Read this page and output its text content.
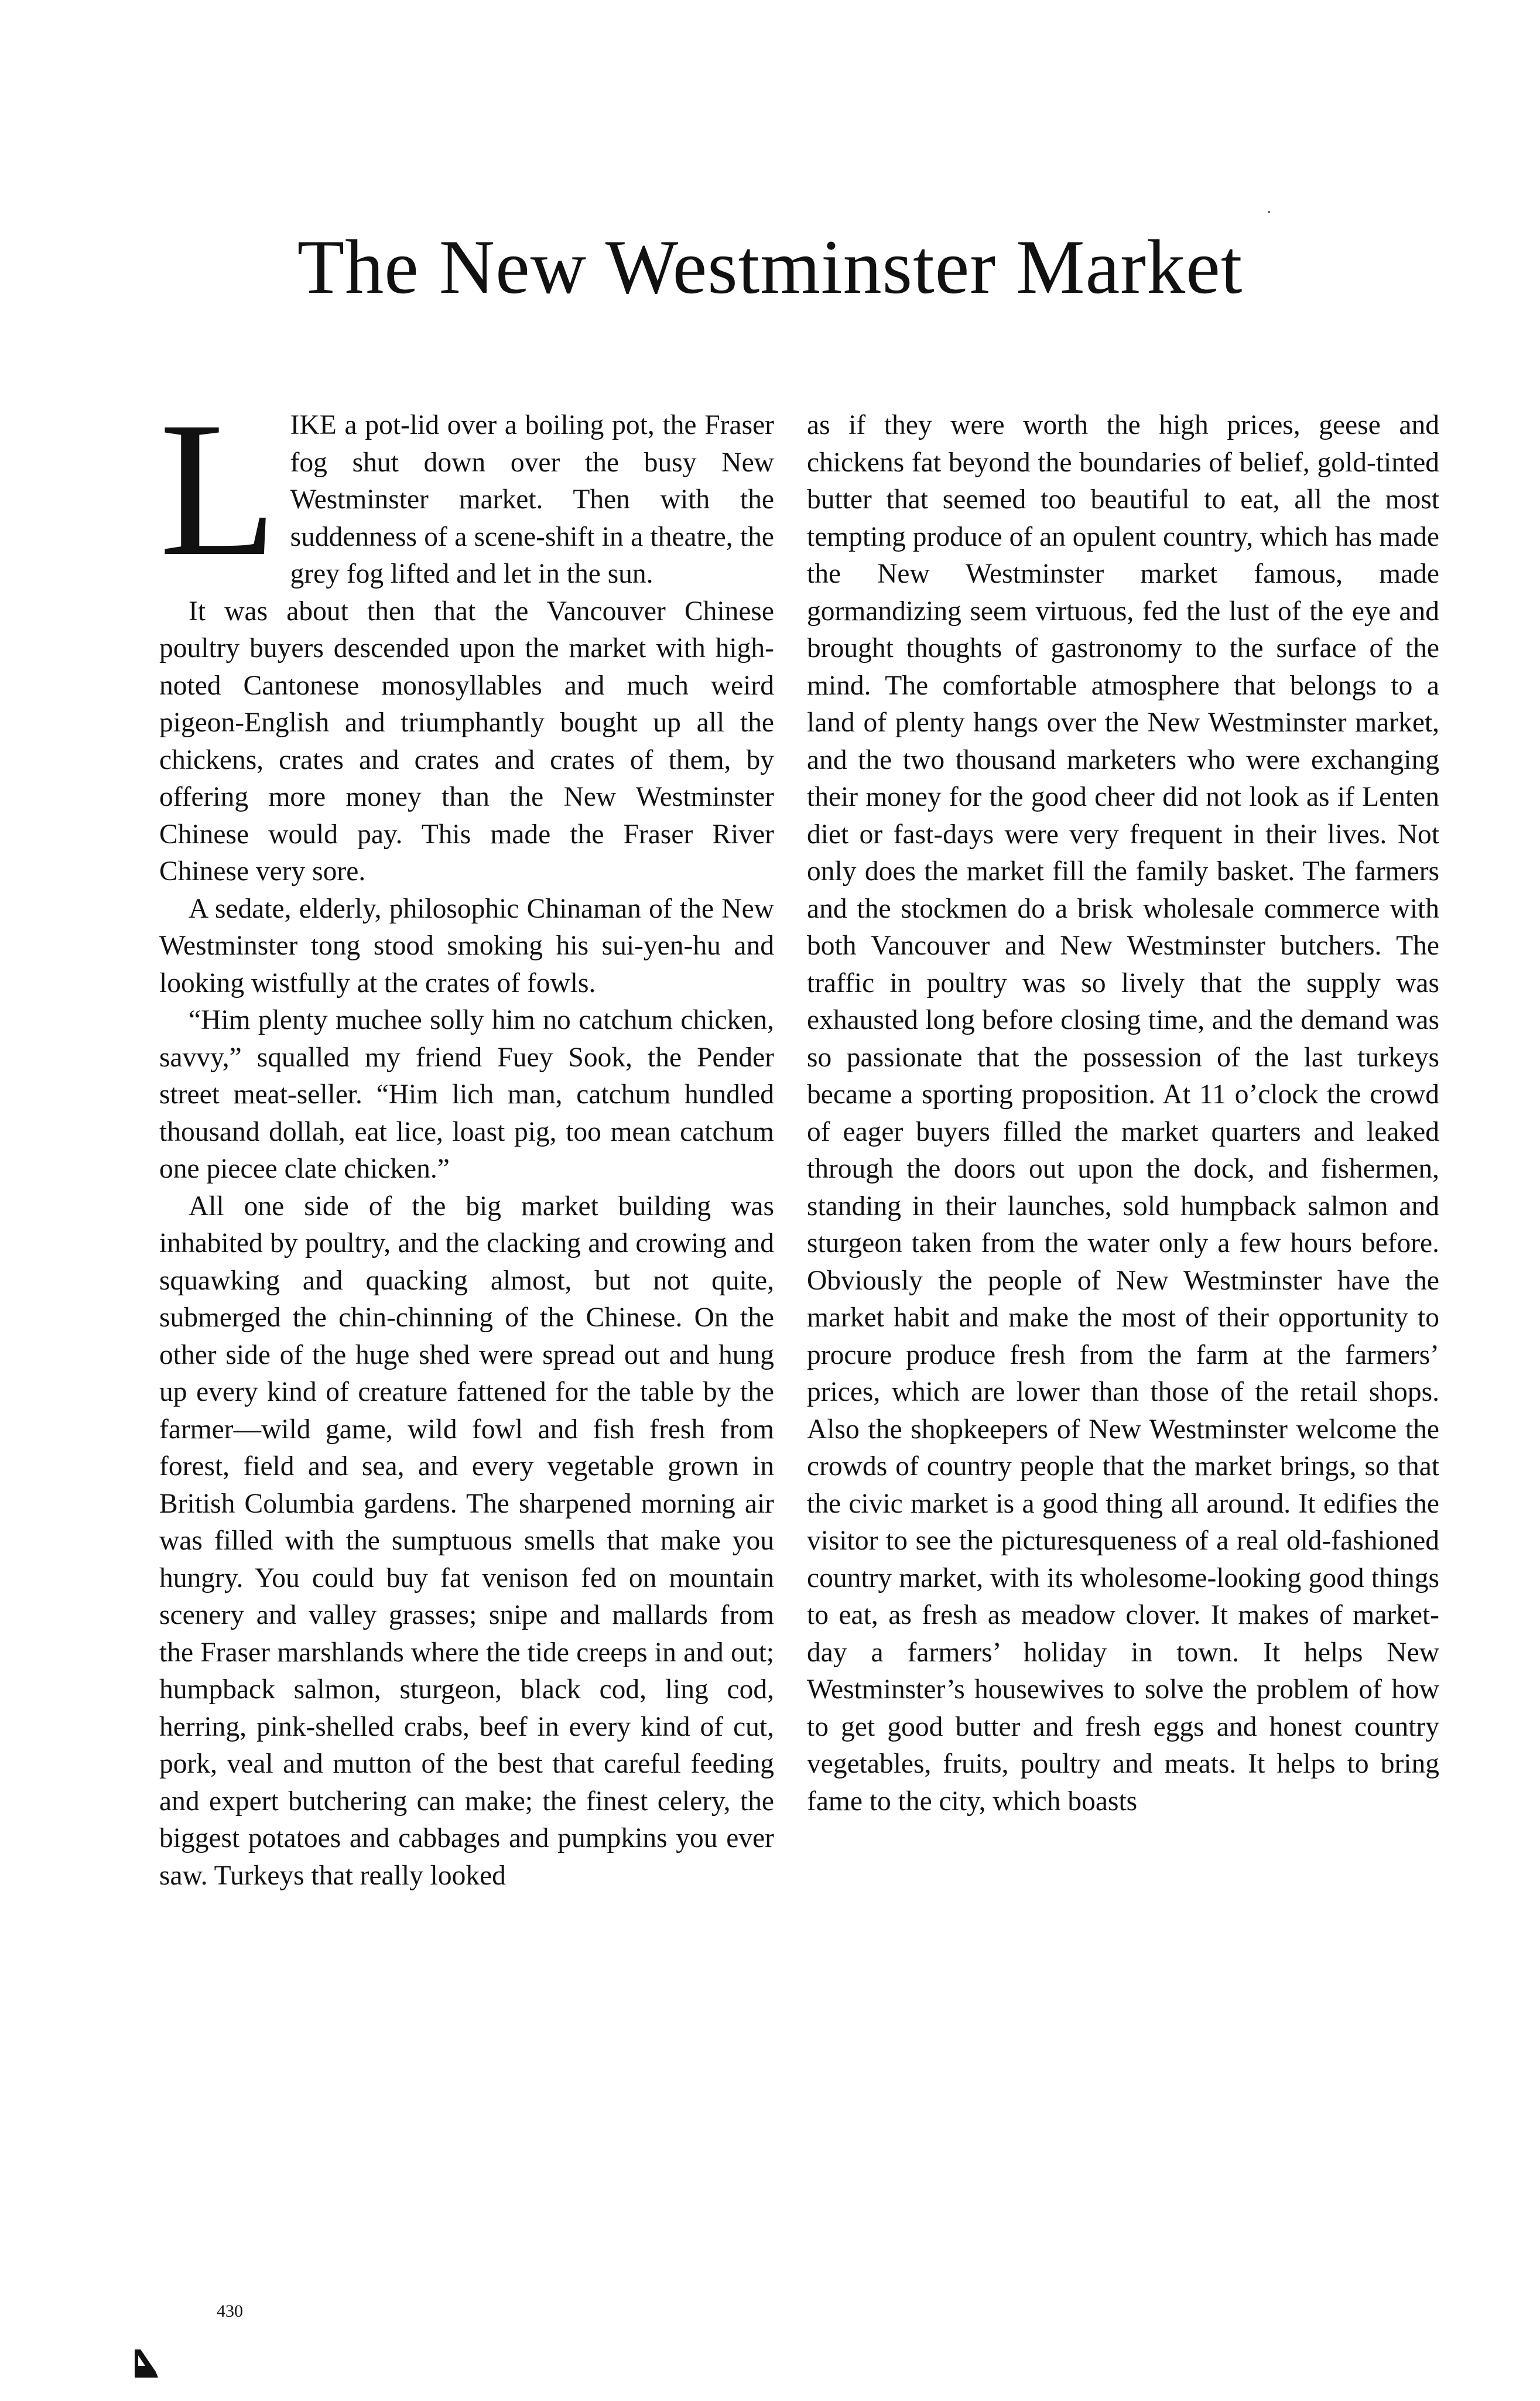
The New Westminster Market

LIKE a pot-lid over a boiling pot, the Fraser fog shut down over the busy New Westminster market. Then with the suddenness of a scene-shift in a theatre, the grey fog lifted and let in the sun.

It was about then that the Vancouver Chinese poultry buyers descended upon the market with high-noted Cantonese monosyllables and much weird pigeon-English and triumphantly bought up all the chickens, crates and crates and crates of them, by offering more money than the New Westminster Chinese would pay. This made the Fraser River Chinese very sore.

A sedate, elderly, philosophic Chinaman of the New Westminster tong stood smoking his sui-yen-hu and looking wistfully at the crates of fowls.

“Him plenty muchee solly him no catchum chicken, savvy,” squalled my friend Fuey Sook, the Pender street meat-seller. “Him lich man, catchum hundled thousand dollah, eat lice, loast pig, too mean catchum one piecee clate chicken.”

All one side of the big market building was inhabited by poultry, and the clacking and crowing and squawking and quacking almost, but not quite, submerged the chin-chinning of the Chinese. On the other side of the huge shed were spread out and hung up every kind of creature fattened for the table by the farmer—wild game, wild fowl and fish fresh from forest, field and sea, and every vegetable grown in British Columbia gardens. The sharpened morning air was filled with the sumptuous smells that make you hungry. You could buy fat venison fed on mountain scenery and valley grasses; snipe and mallards from the Fraser marshlands where the tide creeps in and out; humpback salmon, sturgeon, black cod, ling cod, herring, pink-shelled crabs, beef in every kind of cut, pork, veal and mutton of the best that careful feeding and expert butchering can make; the finest celery, the biggest potatoes and cabbages and pumpkins you ever saw. Turkeys that really looked

as if they were worth the high prices, geese and chickens fat beyond the boundaries of belief, gold-tinted butter that seemed too beautiful to eat, all the most tempting produce of an opulent country, which has made the New Westminster market famous, made gormandizing seem virtuous, fed the lust of the eye and brought thoughts of gastronomy to the surface of the mind. The comfortable atmosphere that belongs to a land of plenty hangs over the New Westminster market, and the two thousand marketers who were exchanging their money for the good cheer did not look as if Lenten diet or fast-days were very frequent in their lives. Not only does the market fill the family basket. The farmers and the stockmen do a brisk wholesale commerce with both Vancouver and New Westminster butchers. The traffic in poultry was so lively that the supply was exhausted long before closing time, and the demand was so passionate that the possession of the last turkeys became a sporting proposition. At 11 o’clock the crowd of eager buyers filled the market quarters and leaked through the doors out upon the dock, and fishermen, standing in their launches, sold humpback salmon and sturgeon taken from the water only a few hours before. Obviously the people of New Westminster have the market habit and make the most of their opportunity to procure produce fresh from the farm at the farmers’ prices, which are lower than those of the retail shops. Also the shopkeepers of New Westminster welcome the crowds of country people that the market brings, so that the civic market is a good thing all around. It edifies the visitor to see the picturesqueness of a real old-fashioned country market, with its wholesome-looking good things to eat, as fresh as meadow clover. It makes of market-day a farmers’ holiday in town. It helps New Westminster’s housewives to solve the problem of how to get good butter and fresh eggs and honest country vegetables, fruits, poultry and meats. It helps to bring fame to the city, which boasts

430
